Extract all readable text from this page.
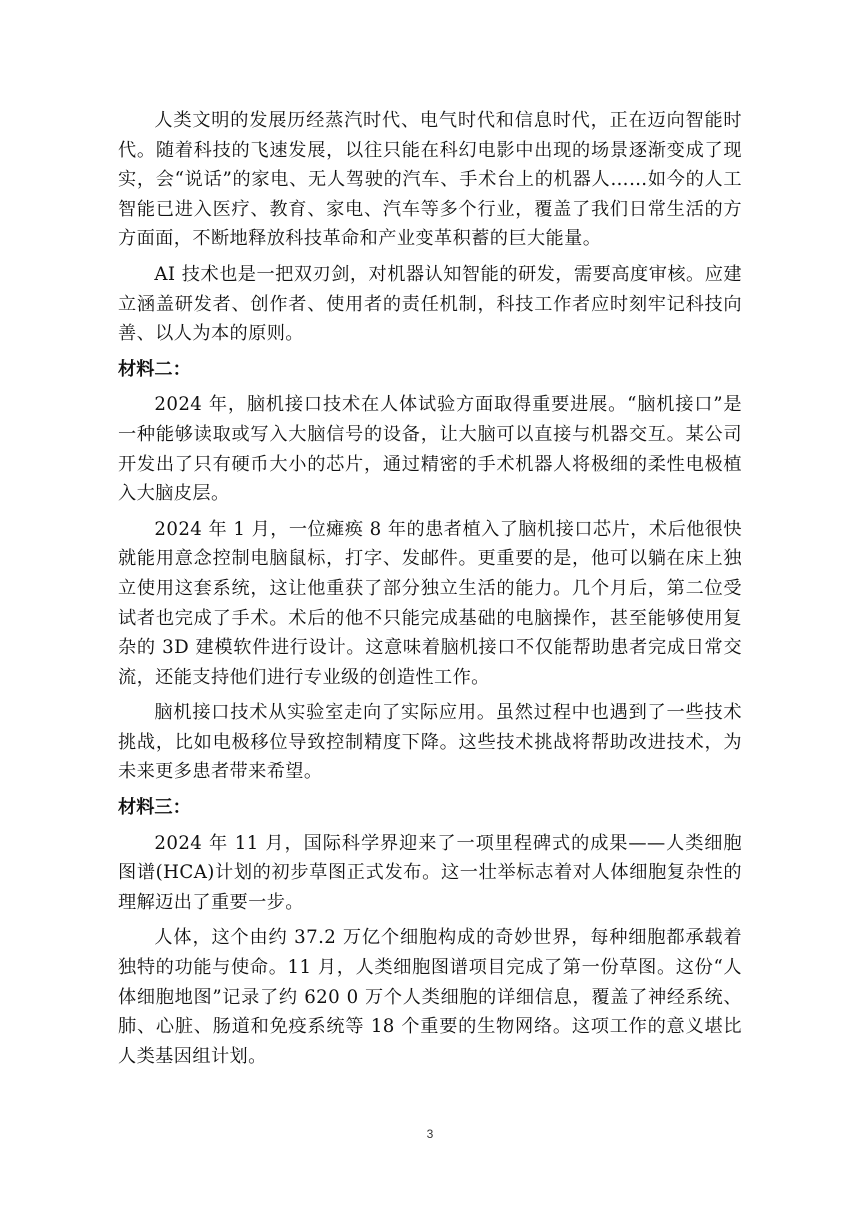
人类文明的发展历经蒸汽时代、电气时代和信息时代，正在迈向智能时代。随着科技的飞速发展，以往只能在科幻电影中出现的场景逐渐变成了现实，会“说话”的家电、无人驾驶的汽车、手术台上的机器人……如今的人工智能已进入医疗、教育、家电、汽车等多个行业，覆盖了我们日常生活的方方面面，不断地释放科技革命和产业变革积蓄的巨大能量。

AI 技术也是一把双刃剑，对机器认知智能的研发，需要高度审核。应建立涵盖研发者、创作者、使用者的责任机制，科技工作者应时刻牢记科技向善、以人为本的原则。

材料二：

2024 年，脑机接口技术在人体试验方面取得重要进展。“脑机接口”是一种能够读取或写入大脑信号的设备，让大脑可以直接与机器交互。某公司开发出了只有硬币大小的芯片，通过精密的手术机器人将极细的柔性电极植入大脑皮层。

2024 年 1 月，一位瘫痪 8 年的患者植入了脑机接口芯片，术后他很快就能用意念控制电脑鼠标，打字、发邮件。更重要的是，他可以躺在床上独立使用这套系统，这让他重获了部分独立生活的能力。几个月后，第二位受试者也完成了手术。术后的他不只能完成基础的电脑操作，甚至能够使用复杂的 3D 建模软件进行设计。这意味着脑机接口不仅能帮助患者完成日常交流，还能支持他们进行专业级的创造性工作。

脑机接口技术从实验室走向了实际应用。虽然过程中也遇到了一些技术挑战，比如电极移位导致控制精度下降。这些技术挑战将帮助改进技术，为未来更多患者带来希望。

材料三：

2024 年 11 月，国际科学界迎来了一项里程碑式的成果——人类细胞图谱(HCA)计划的初步草图正式发布。这一壮举标志着对人体细胞复杂性的理解迈出了重要一步。

人体，这个由约 37.2 万亿个细胞构成的奇妙世界，每种细胞都承载着独特的功能与使命。11 月，人类细胞图谱项目完成了第一份草图。这份“人体细胞地图”记录了约 620 0 万个人类细胞的详细信息，覆盖了神经系统、肺、心脏、肠道和免疫系统等 18 个重要的生物网络。这项工作的意义堪比人类基因组计划。

3
